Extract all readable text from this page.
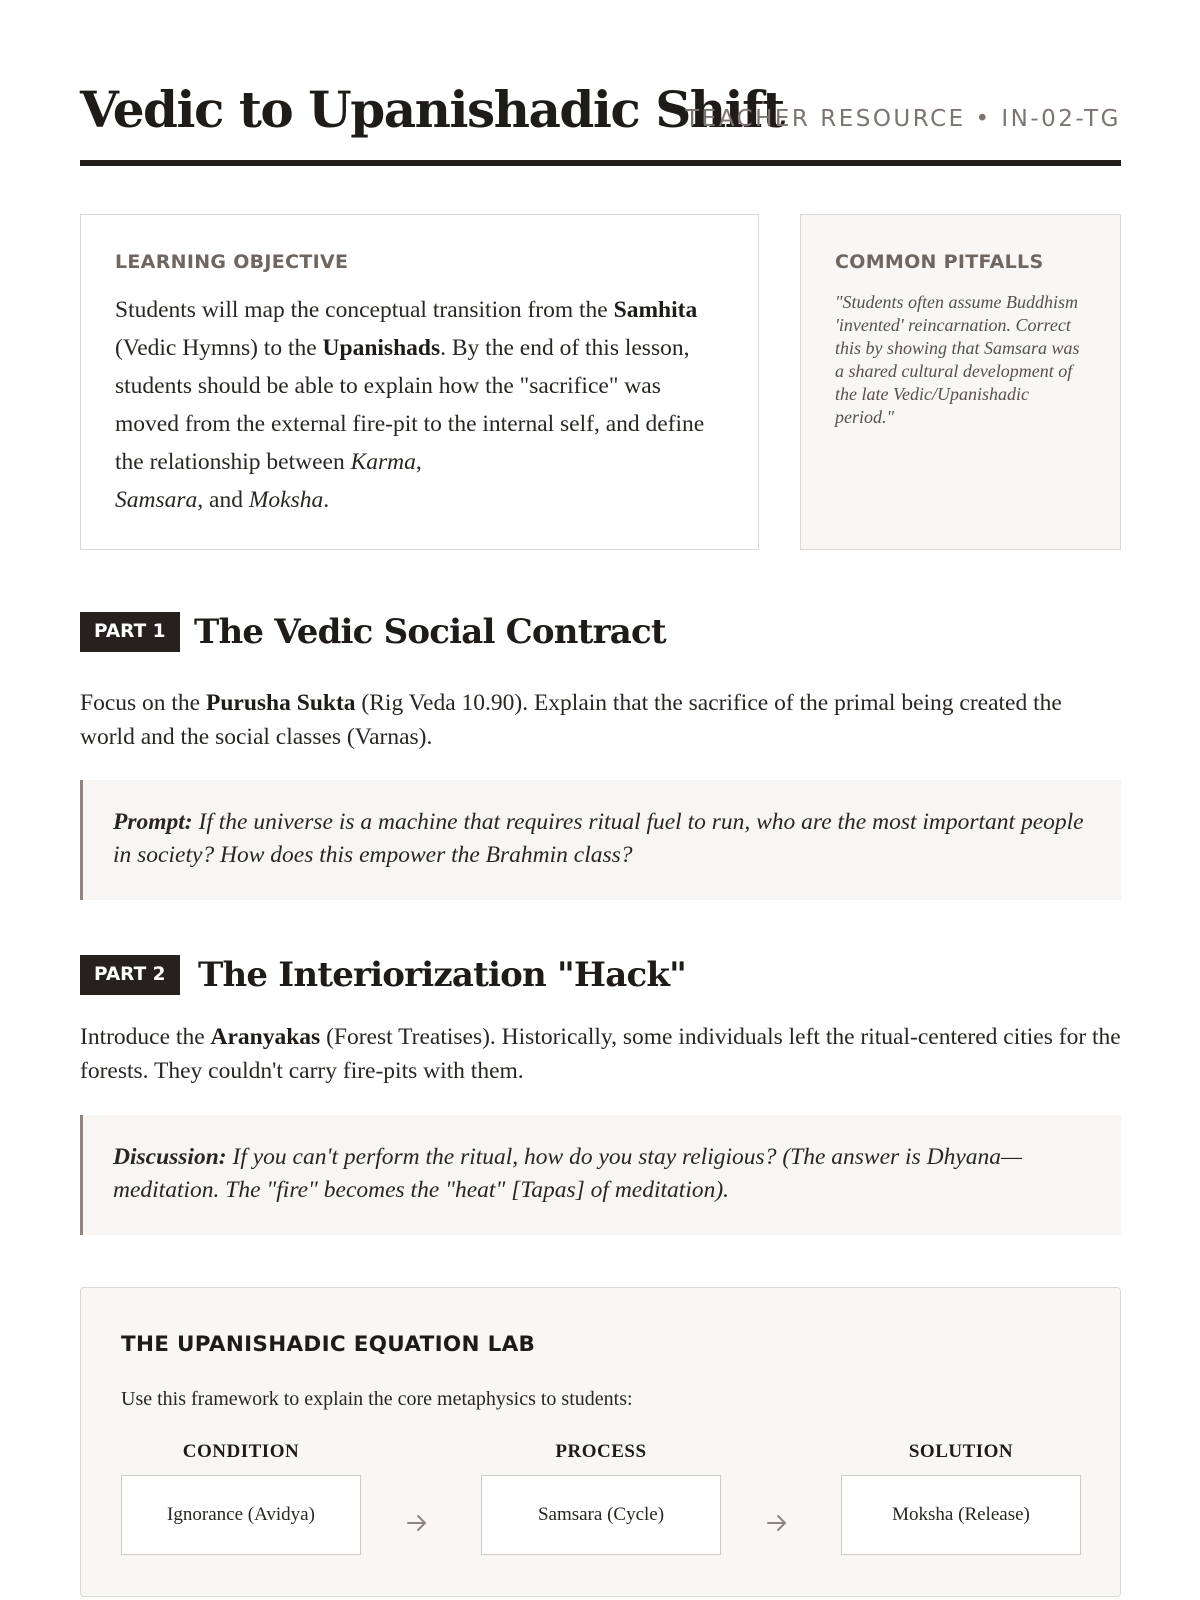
Vedic to Upanishadic Shift
TEACHER RESOURCE • IN-02-TG
LEARNING OBJECTIVE
Students will map the conceptual transition from the Samhita (Vedic Hymns) to the Upanishads. By the end of this lesson, students should be able to explain how the "sacrifice" was moved from the external fire-pit to the internal self, and define the relationship between Karma,
Samsara, and Moksha.
COMMON PITFALLS
"Students often assume Buddhism 'invented' reincarnation. Correct this by showing that Samsara was a shared cultural development of the late Vedic/Upanishadic period."
PART 1 The Vedic Social Contract
Focus on the Purusha Sukta (Rig Veda 10.90). Explain that the sacrifice of the primal being created the world and the social classes (Varnas).
Prompt: If the universe is a machine that requires ritual fuel to run, who are the most important people in society? How does this empower the Brahmin class?
PART 2 The Interiorization "Hack"
Introduce the Aranyakas (Forest Treatises). Historically, some individuals left the ritual-centered cities for the forests. They couldn't carry fire-pits with them.
Discussion: If you can't perform the ritual, how do you stay religious? (The answer is Dhyana—meditation. The "fire" becomes the "heat" [Tapas] of meditation).
THE UPANISHADIC EQUATION LAB
Use this framework to explain the core metaphysics to students:
CONDITION
Ignorance (Avidya)
PROCESS
Samsara (Cycle)
SOLUTION
Moksha (Release)
